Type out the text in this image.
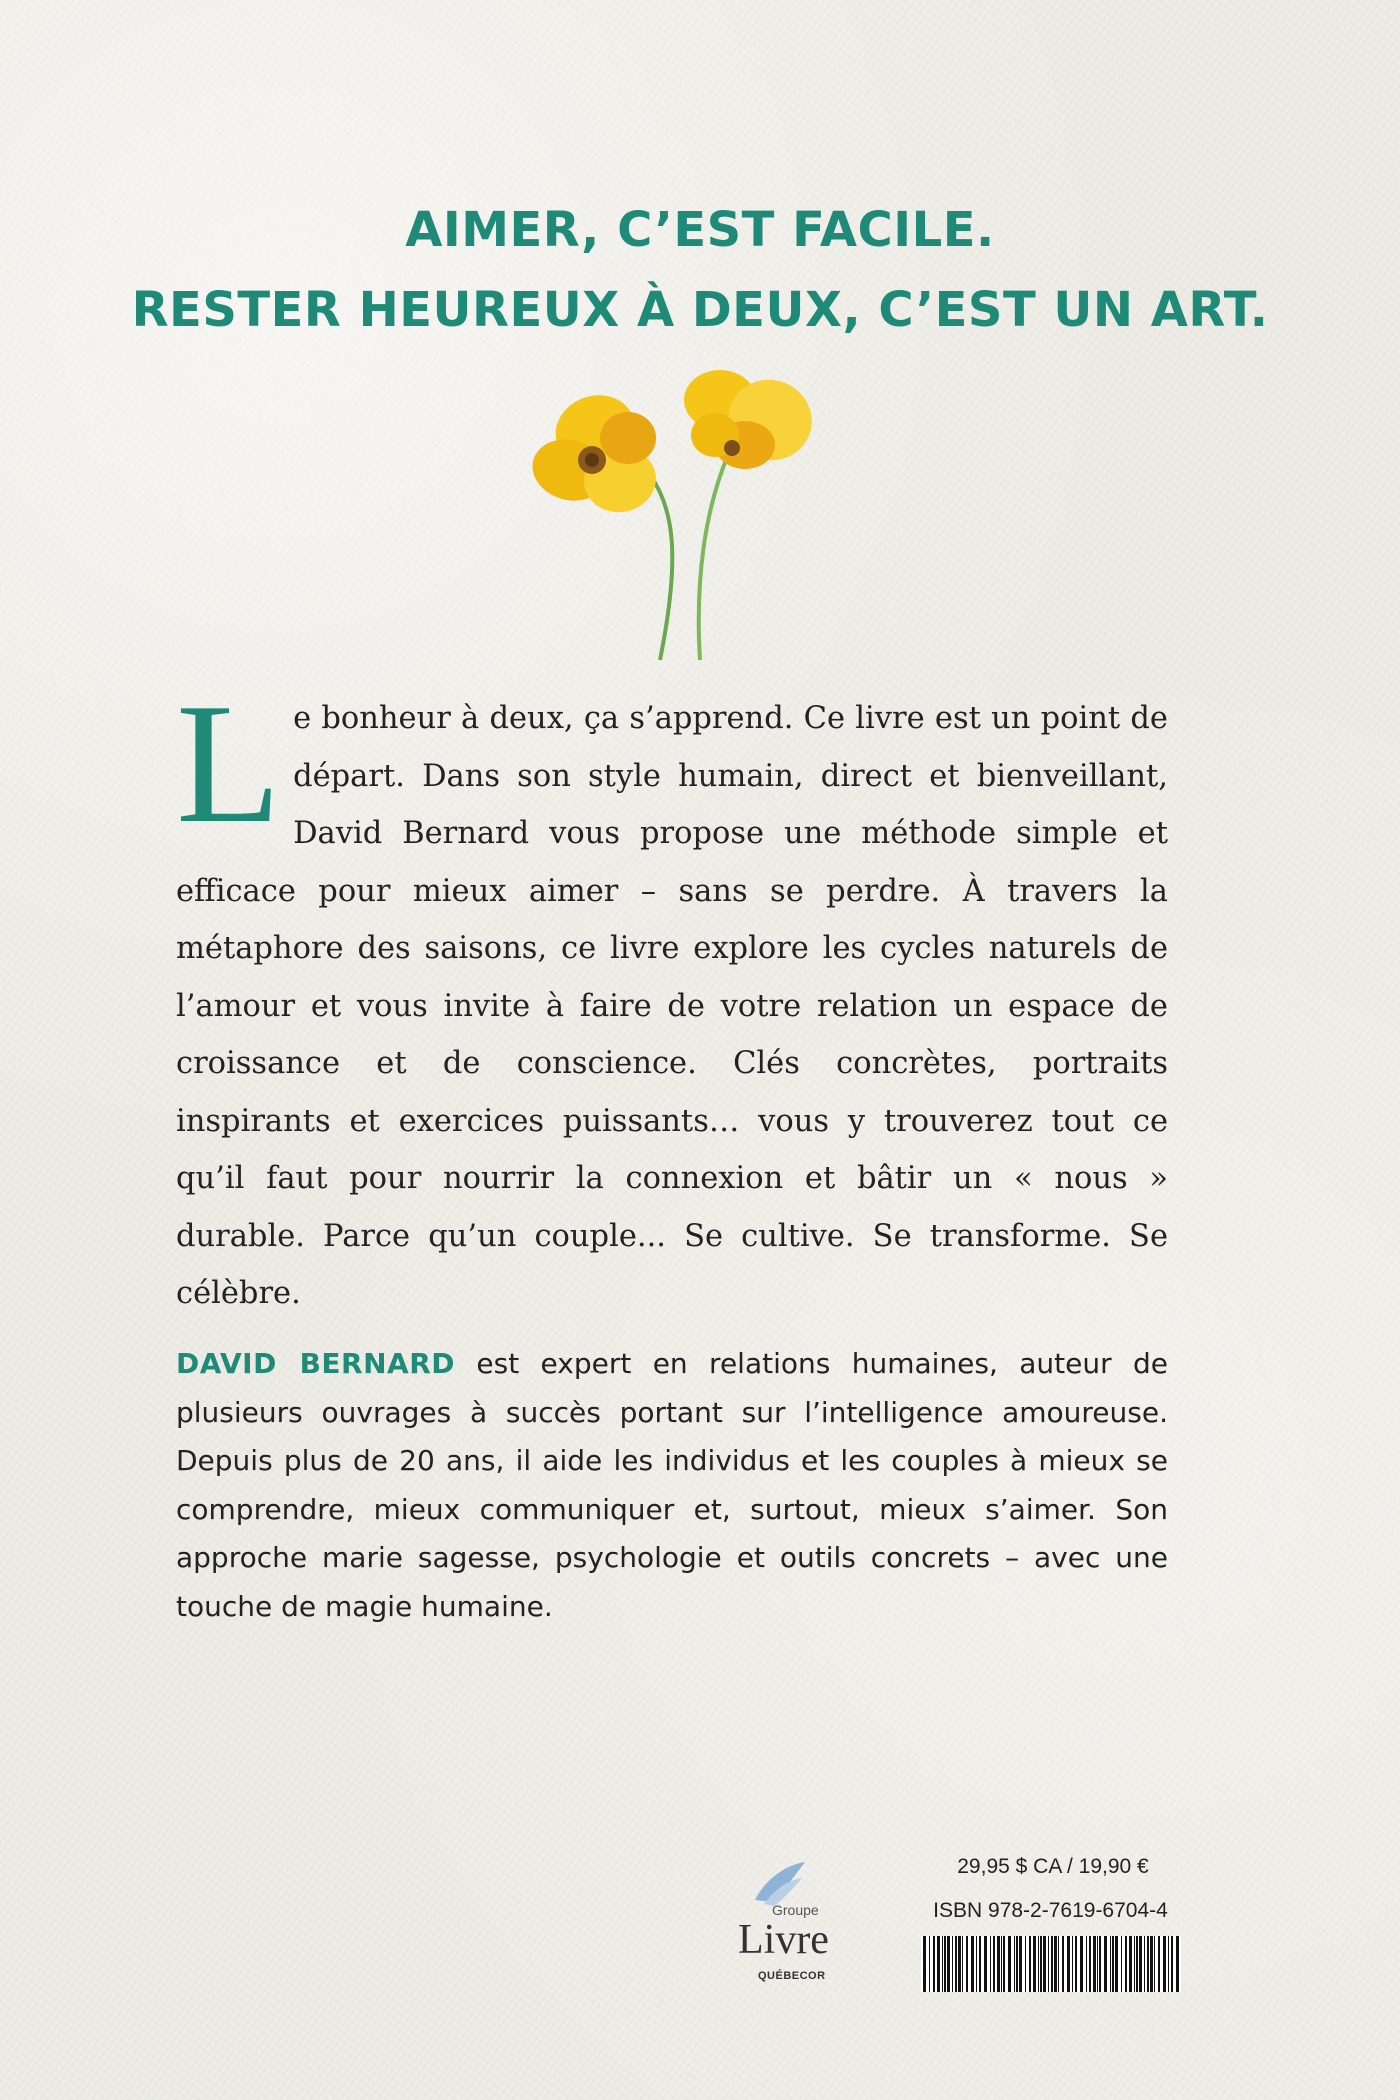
AIMER, C’EST FACILE.
RESTER HEUREUX À DEUX, C’EST UN ART.
L e bonheur à deux, ça s’apprend. Ce livre est un point de départ. Dans son style humain, direct et bienveillant, David Bernard vous propose une méthode simple et efficace pour mieux aimer – sans se perdre. À travers la métaphore des saisons, ce livre explore les cycles naturels de l’amour et vous invite à faire de votre relation un espace de croissance et de conscience. Clés concrètes, portraits inspirants et exercices puissants… vous y trouverez tout ce qu’il faut pour nourrir la connexion et bâtir un « nous » durable. Parce qu’un couple... Se cultive. Se transforme. Se célèbre.
DAVID BERNARD est expert en relations humaines, auteur de plusieurs ouvrages à succès portant sur l’intelligence amoureuse. Depuis plus de 20 ans, il aide les individus et les couples à mieux se comprendre, mieux communiquer et, surtout, mieux s’aimer. Son approche marie sagesse, psychologie et outils concrets – avec une touche de magie humaine.
Groupe
Livre
QUÉBECOR
29,95 $ CA / 19,90 €
ISBN 978-2-7619-6704-4
